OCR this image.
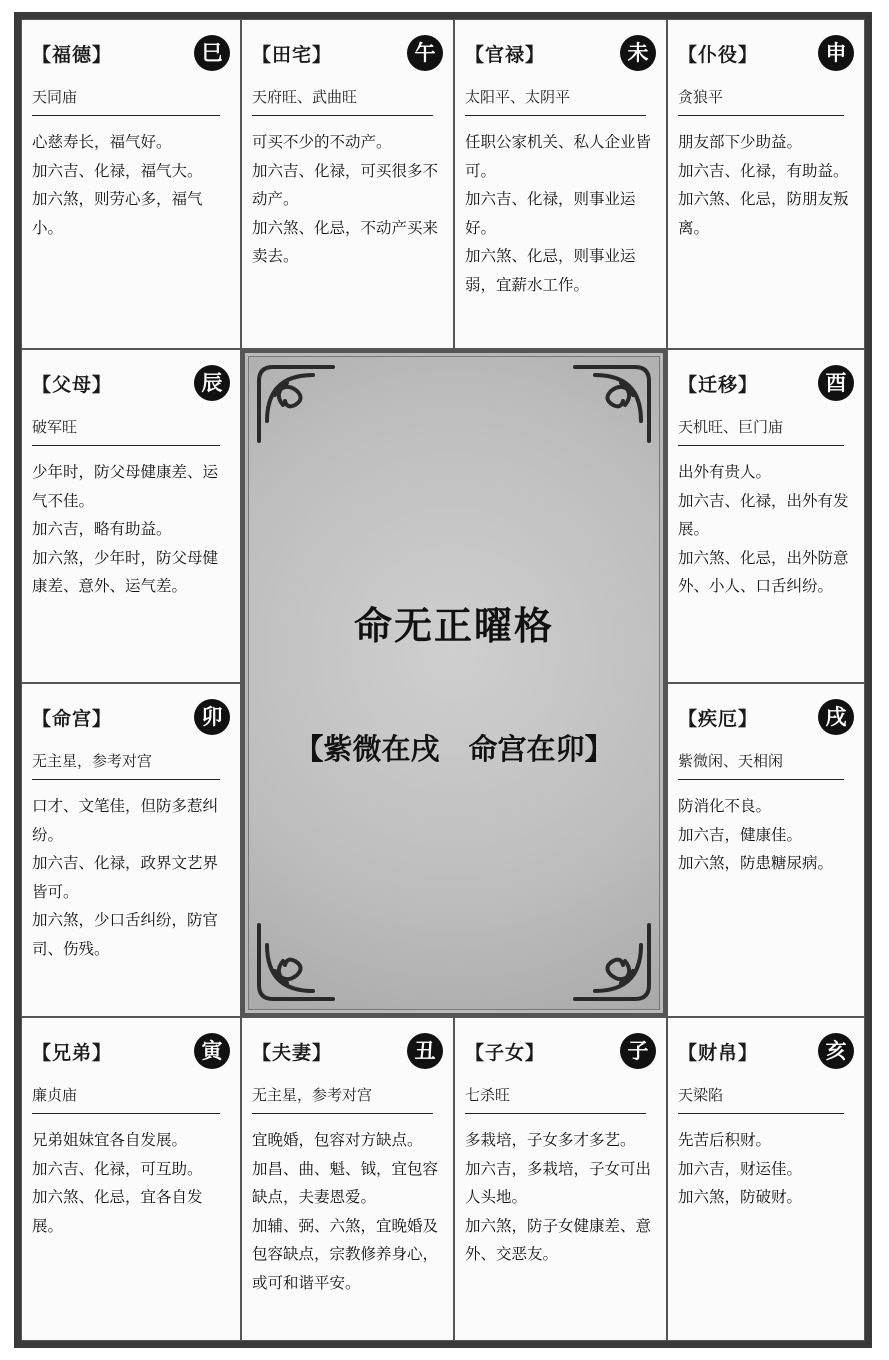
【福德】	巳
天同庙

心慈寿长，福气好。

加六吉、化禄，福气大。

加六煞，则劳心多，福气小。

【田宅】	午
天府旺、武曲旺

可买不少的不动产。

加六吉、化禄，可买很多不动产。

加六煞、化忌，不动产买来卖去。

【官禄】	未
太阳平、太阴平

任职公家机关、私人企业皆可。

加六吉、化禄，则事业运好。

加六煞、化忌，则事业运弱，宜薪水工作。

【仆役】	申
贪狼平

朋友部下少助益。

加六吉、化禄，有助益。

加六煞、化忌，防朋友叛离。

【父母】	辰
破军旺

少年时，防父母健康差、运气不佳。

加六吉，略有助益。

加六煞，少年时，防父母健康差、意外、运气差。

【命宫】	卯
无主星，参考对宫

口才、文笔佳，但防多惹纠纷。

加六吉、化禄，政界文艺界皆可。

加六煞，少口舌纠纷，防官司、伤残。

【迁移】	酉
天机旺、巨门庙

出外有贵人。

加六吉、化禄，出外有发展。

加六煞、化忌，出外防意外、小人、口舌纠纷。

【疾厄】	戌
紫微闲、天相闲

防消化不良。

加六吉，健康佳。

加六煞，防患糖尿病。

【兄弟】	寅
廉贞庙

兄弟姐妹宜各自发展。

加六吉、化禄，可互助。

加六煞、化忌，宜各自发展。

【夫妻】	丑
无主星，参考对宫

宜晚婚，包容对方缺点。

加昌、曲、魁、钺，宜包容缺点，夫妻恩爱。

加辅、弼、六煞，宜晚婚及包容缺点，宗教修养身心，或可和谐平安。

【子女】	子
七杀旺

多栽培，子女多才多艺。

加六吉，多栽培，子女可出人头地。

加六煞，防子女健康差、意外、交恶友。

【财帛】	亥
天梁陷

先苦后积财。

加六吉，财运佳。

加六煞，防破财。

命无正曜格
【紫微在戌　命宫在卯】
